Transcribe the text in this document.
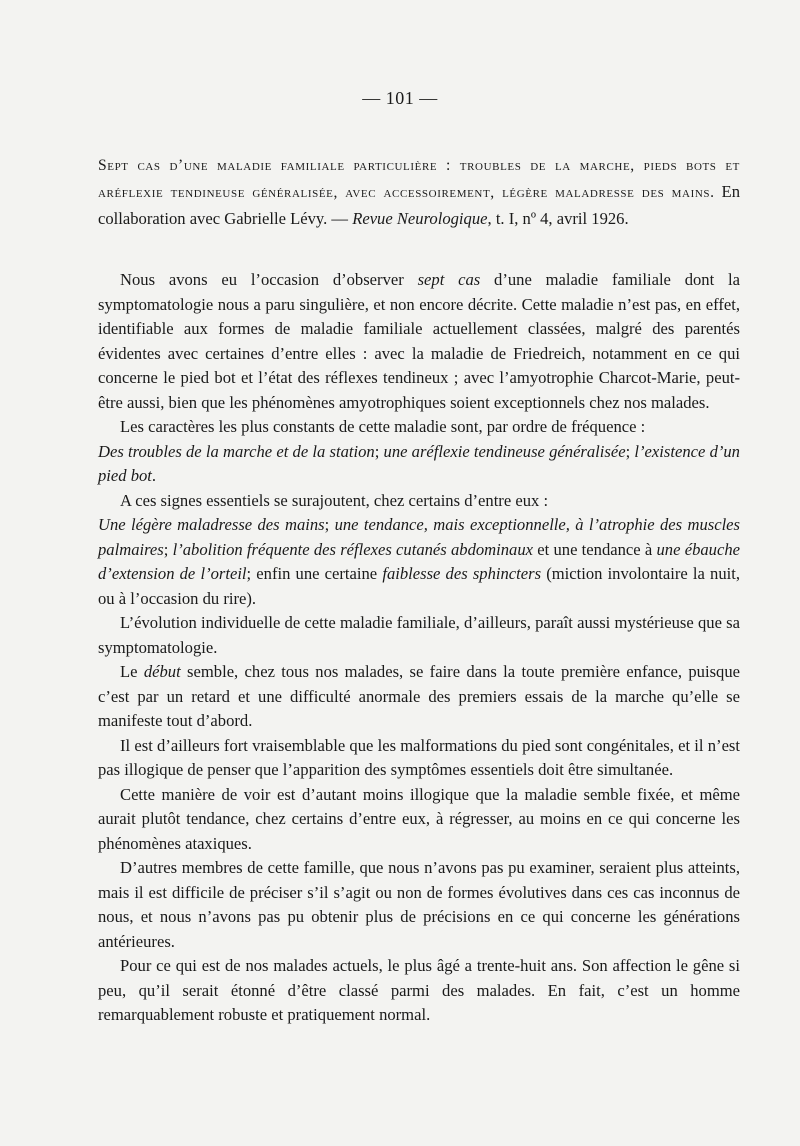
— 101 —
Sept cas d’une maladie familiale particulière : troubles de la marche, pieds bots et aréflexie tendineuse généralisée, avec accessoirement, légère maladresse des mains. En collaboration avec Gabrielle Lévy. — Revue Neurologique, t. I, nº 4, avril 1926.

Nous avons eu l’occasion d’observer sept cas d’une maladie familiale dont la symptomatologie nous a paru singulière, et non encore décrite. Cette maladie n’est pas, en effet, identifiable aux formes de maladie familiale actuellement classées, malgré des parentés évidentes avec certaines d’entre elles : avec la maladie de Friedreich, notamment en ce qui concerne le pied bot et l’état des réflexes tendineux ; avec l’amyotrophie Charcot-Marie, peut-être aussi, bien que les phénomènes amyotrophiques soient exceptionnels chez nos malades.

Les caractères les plus constants de cette maladie sont, par ordre de fréquence :

Des troubles de la marche et de la station; une aréflexie tendineuse généralisée; l’existence d’un pied bot.

A ces signes essentiels se surajoutent, chez certains d’entre eux :

Une légère maladresse des mains; une tendance, mais exceptionnelle, à l’atrophie des muscles palmaires; l’abolition fréquente des réflexes cutanés abdominaux et une tendance à une ébauche d’extension de l’orteil; enfin une certaine faiblesse des sphincters (miction involontaire la nuit, ou à l’occasion du rire).

L’évolution individuelle de cette maladie familiale, d’ailleurs, paraît aussi mystérieuse que sa symptomatologie.

Le début semble, chez tous nos malades, se faire dans la toute première enfance, puisque c’est par un retard et une difficulté anormale des premiers essais de la marche qu’elle se manifeste tout d’abord.

Il est d’ailleurs fort vraisemblable que les malformations du pied sont congénitales, et il n’est pas illogique de penser que l’apparition des symptômes essentiels doit être simultanée.

Cette manière de voir est d’autant moins illogique que la maladie semble fixée, et même aurait plutôt tendance, chez certains d’entre eux, à régresser, au moins en ce qui concerne les phénomènes ataxiques.

D’autres membres de cette famille, que nous n’avons pas pu examiner, seraient plus atteints, mais il est difficile de préciser s’il s’agit ou non de formes évolutives dans ces cas inconnus de nous, et nous n’avons pas pu obtenir plus de précisions en ce qui concerne les générations antérieures.

Pour ce qui est de nos malades actuels, le plus âgé a trente-huit ans. Son affection le gêne si peu, qu’il serait étonné d’être classé parmi des malades. En fait, c’est un homme remarquablement robuste et pratiquement normal.
